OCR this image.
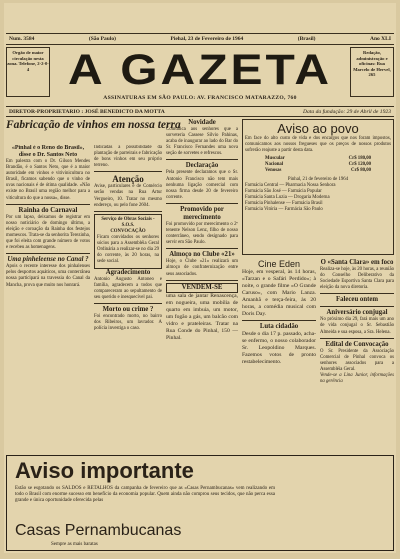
Num. 3584	(São Paulo)	Piehal, 23 de Fevereiro de 1964	(Brasil)	Ano XLI
Orgão de maior circulação nesta zona. Telefone, 2-2-0-4 A GAZETA
ASSINATURAS EM SÃO PAULO: AV. FRANCISCO MATARAZZO, 760
Redação, administração e oficinas: Rua Marcelo de Hervel, 265
DIRETOR-PROPRIETARIO : JOSÉ BENEDICTO DA MOTTA	Data da fundação: 29 de Abril de 1923
Fabricação de vinhos em nossa terra
«Pinhal é o Reno do Brasil», disse o Dr. Santos Neto

Em palestra com o Dr. Gilson Mendes Brandão, é o Santos Neto, que é a maior autoridade em vinhos e vitivinicultura no Brasil, ficamos sabendo que o vinho de uvas nacionais é de ótima qualidade. «Não existe no Brasil uma região melhor para a viticultura do que a nossa», disse.

Rainha do Carnaval

Por um lapso, deixamos de registrar em nosso noticiário de domingo último, a eleição e coroação da Rainha dos festejos momescos. Trata-se da senhorita Terezinha, que foi eleita com grande número de votos e recebeu as homenagens.

Uma pinheleense no Canal ?

Apois o recente interesse dos pinhalenses pelos desportos aquáticos, uma conterrânea nossa participará na travessia do Canal da Mancha, prova que muito nos honrará.

Indicadas a possibilidade da plantação de parreirais e fabricação de bons vinhos em seu próprio terreno.

Atenção

Avise, particulares e de Comércio serão vendas na Rua Artur Vergueiro, 10. Tratar no mesmo endereço, ou pelo fone 2604.

Serviço de Obras Sociais - S.O.S.
CONVOCAÇÃO

Ficam convidados os senhores sócios para a Assembléia Geral Ordinária a realizar-se no dia 29 do corrente, às 20 horas, na sede social.

Agradecimento

Antonio Augusto Antoneo e família, agradecem a todos que compareceram ao sepultamento de seu querido e inesquecível pai.

Morto ou crime ?

Foi encontrado morto, no bairro dos Ribeiros, um lavrador. A polícia investiga o caso.

Novidade

Comunica aos senhores que a sorveteria Cassese Silvio Pahinas, acaba de inaugurar ao lado do Bar do Sr. Francisco Fernandes uma nova seção de sorvetes e refrescos.

Declaração

Pela presente declaramos que o Sr. Antonio Francisco não tem mais nenhuma ligação comercial com nossa firma desde 20 de fevereiro corrente.

Promovido por merecimento

Foi promovido por merecimento o 2º tenente Nelson Lenz, filho de nosso conterrâneo, sendo designado para servir em São Paulo.

Almoço no Clube «21»

Hoje, o Clube «21» realizará um almoço de confraternização entre seus associados.

VENDEM-SE

uma sala de jantar Renascença, em nogueira, uma mobília de quarto em imbuia, um motor, um fogão a gás, um balcão com vidro e prateleiras. Tratar na Rua Conde do Pinhal, 150 — Pinhal.

Aviso ao povo

Em face do alto custo de vida e dos encargos que nos foram impostos, comunicamos aos nossos fregueses que os preços de nossos produtos sofrerão reajuste a partir desta data.

Muscular	Cr$ 180,00
Nacional	Cr$ 120,00
Venosas	Cr$ 80,00

Pinhal, 21 de fevereiro de 1964

Farmácia Central — Pharmacia Nossa Senhora
Farmácia São José — Farmácia Popular
Farmácia Santa Luzia — Drogaria Moderna
Farmácia Pinhalense — Farmácia Brasil
Farmácia Vitória — Farmácia São Paulo
Cine Eden

Hoje, em vesperal, às 14 horas, «Tarzan e o Safári Perdido»; à noite, o grande filme «O Grande Caruso», com Mario Lanza. Amanhã e terça-feira, às 20 horas, a comédia musical com Doris Day.

Luta cidadão

Desde o dia 17 p. passado, acha-se enfermo, o nosso colaborador Sr. Leopoldino Marques. Fazemos votos de pronto restabelecimento.

O «Santa Clara» em foco

Realiza-se hoje, às 20 horas, a reunião do Conselho Deliberativo da Sociedade Esportiva Santa Clara para eleição da nova diretoria.

Faleceu ontem
Aniversário conjugal

No próximo dia 29, fará mais um ano de vida conjugal o Sr. Sebastião Almeida e sua esposa, a Sra. Helena.

Edital de Convocação

O Sr. Presidente da Associação Comercial de Pinhal convoca os senhores associados para a Assembléia Geral.

Vende-se a Lina Junior, informações na gerência

Aviso importante
Estão se esgotando os SALDOS e RETALHOS da campanha de fevereiro que as «Casas Pernambucanas» vem realizando em todo o Brasil com enorme sucesso em benefício da economia popular. Quem ainda não comprou seus tecidos, que não perca essa grande e única oportunidade oferecida pelas
Casas Pernambucanas
Sempre as mais baratas
